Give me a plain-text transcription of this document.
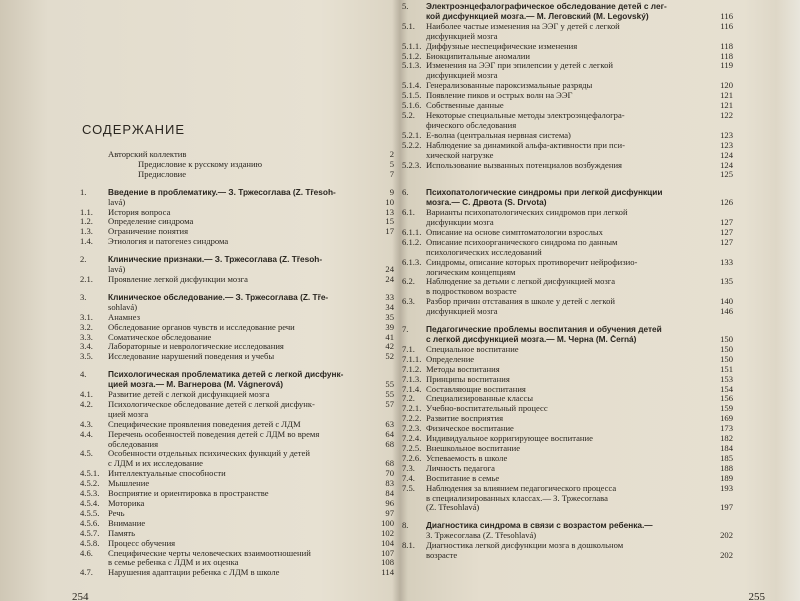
СОДЕРЖАНИЕ
Авторский коллектив	2
Предисловие к русскому изданию	5
Предисловие	7
1.	Введение в проблематику.— З. Тржесоглава (Z. Třesoh-	9
lavá)	10
1.1.	История вопроса	13
1.2.	Определение синдрома	15
1.3.	Ограничение понятия	17
1.4.	Этиология и патогенез синдрома
2.	Клинические признаки.— З. Тржесоглава (Z. Třesoh-
lavá)	24
2.1.	Проявление легкой дисфункции мозга	24
3.	Клиническое обследование.— З. Тржесоглава (Z. Tře-	33
sohlavá)	34
3.1.	Анамнез	35
3.2.	Обследование органов чувств и исследование речи	39
3.3.	Соматическое обследование	41
3.4.	Лабораторные и неврологические исследования	42
3.5.	Исследование нарушений поведения и учебы	52
4.	Психологическая проблематика детей с легкой дисфунк-
цией мозга.— М. Вагнерова (M. Vágnerová)	55
4.1.	Развитие детей с легкой дисфункцией мозга	55
4.2.	Психологическое обследование детей с легкой дисфунк-	57
цией мозга
4.3.	Специфические проявления поведения детей с ЛДМ	63
4.4.	Перечень особенностей поведения детей с ЛДМ во время	64
обследования	68
4.5.	Особенности отдельных психических функций у детей
с ЛДМ и их исследование	68
4.5.1.	Интеллектуальные способности	70
4.5.2.	Мышление	83
4.5.3.	Восприятие и ориентировка в пространстве	84
4.5.4.	Моторика	96
4.5.5.	Речь	97
4.5.6.	Внимание	100
4.5.7.	Память	102
4.5.8.	Процесс обучения	104
4.6.	Специфические черты человеческих взаимоотношений	107
в семье ребенка с ЛДМ и их оценка	108
4.7.	Нарушения адаптации ребенка с ЛДМ в школе	114
254
5.	Электроэнцефалографическое обследование детей с лег-
кой дисфункцией мозга.— М. Леговский (M. Legovský)	116
5.1.	Наиболее частые изменения на ЭЭГ у детей с легкой	116
дисфункцией мозга
5.1.1. Диффузные неспецифические изменения	118
5.1.2. Биокципитальные аномалии	118
5.1.3. Изменения на ЭЭГ при эпилепсии у детей с легкой	119
дисфункцией мозга
5.1.4. Генерализованные пароксизмальные разряды	120
5.1.5. Появление пиков и острых волн на ЭЭГ	121
5.1.6. Собственные данные	121
5.2.	Некоторые специальные методы электроэнцефалогра-	122
фического обследования
5.2.1. Е-волна (центральная нервная система)	123
5.2.2. Наблюдение за динамикой альфа-активности при пси-	123
хической нагрузке	124
5.2.3. Использование вызванных потенциалов возбуждения	124
125
6.	Психопатологические синдромы при легкой дисфункции
мозга.— С. Дрвота (S. Drvota)	126
6.1.	Варианты психопатологических синдромов при легкой
дисфункции мозга	127
6.1.1. Описание на основе симптоматологии взрослых	127
6.1.2. Описание психоорганического синдрома по данным	127
психологических исследований
6.1.3. Синдромы, описание которых противоречит нейрофизио-	133
логическим концепциям
6.2.	Наблюдение за детьми с легкой дисфункцией мозга	135
в подростковом возрасте
6.3.	Разбор причин отставания в школе у детей с легкой	140
дисфункцией мозга	146
7.	Педагогические проблемы воспитания и обучения детей
с легкой дисфункцией мозга.— М. Черна (M. Černá)	150
7.1.	Специальное воспитание	150
7.1.1. Определение	150
7.1.2. Методы воспитания	151
7.1.3. Принципы воспитания	153
7.1.4. Составляющие воспитания	154
7.2.	Специализированные классы	156
7.2.1. Учебно-воспитательный процесс	159
7.2.2. Развитие восприятия	169
7.2.3. Физическое воспитание	173
7.2.4. Индивидуальное корригирующее воспитание	182
7.2.5. Внешкольное воспитание	184
7.2.6. Успеваемость в школе	185
7.3.	Личность педагога	188
7.4.	Воспитание в семье	189
7.5.	Наблюдения за влиянием педагогического процесса	193
в специализированных классах.— З. Тржесоглава
(Z. Třesohlavá)	197
8.	Диагностика синдрома в связи с возрастом ребенка.—
З. Тржесоглава (Z. Třesohlavá)	202
8.1.	Диагностика легкой дисфункции мозга в дошкольном
возрасте	202
255
